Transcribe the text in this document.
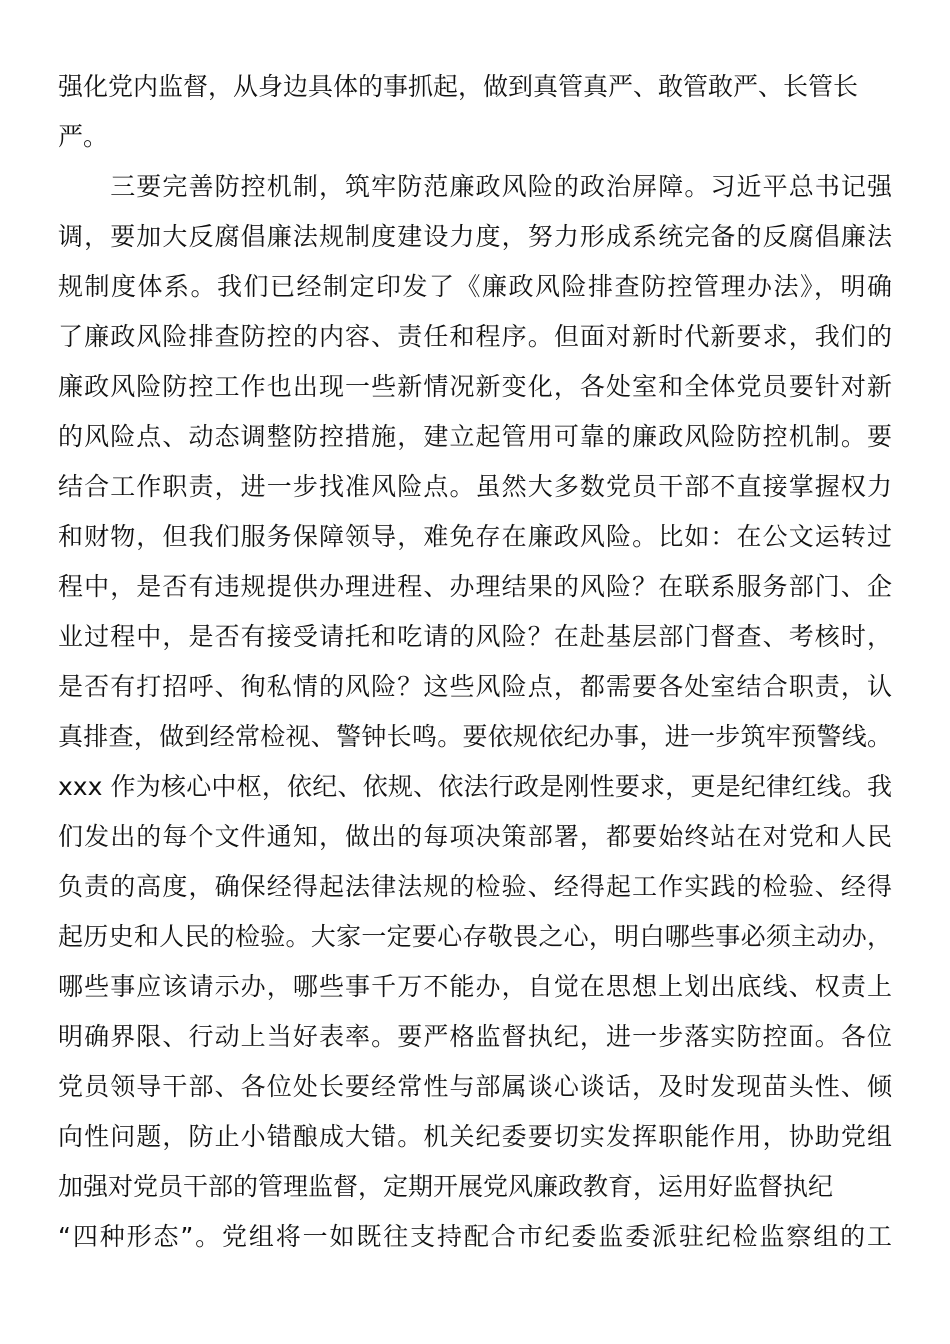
强化党内监督，从身边具体的事抓起，做到真管真严、敢管敢严、长管长
严。
　　三要完善防控机制，筑牢防范廉政风险的政治屏障。习近平总书记强
调，要加大反腐倡廉法规制度建设力度，努力形成系统完备的反腐倡廉法
规制度体系。我们已经制定印发了《廉政风险排查防控管理办法》，明确
了廉政风险排查防控的内容、责任和程序。但面对新时代新要求，我们的
廉政风险防控工作也出现一些新情况新变化，各处室和全体党员要针对新
的风险点、动态调整防控措施，建立起管用可靠的廉政风险防控机制。要
结合工作职责，进一步找准风险点。虽然大多数党员干部不直接掌握权力
和财物，但我们服务保障领导，难免存在廉政风险。比如：在公文运转过
程中，是否有违规提供办理进程、办理结果的风险？在联系服务部门、企
业过程中，是否有接受请托和吃请的风险？在赴基层部门督查、考核时，
是否有打招呼、徇私情的风险？这些风险点，都需要各处室结合职责，认
真排查，做到经常检视、警钟长鸣。要依规依纪办事，进一步筑牢预警线。
xxx 作为核心中枢，依纪、依规、依法行政是刚性要求，更是纪律红线。我
们发出的每个文件通知，做出的每项决策部署，都要始终站在对党和人民
负责的高度，确保经得起法律法规的检验、经得起工作实践的检验、经得
起历史和人民的检验。大家一定要心存敬畏之心，明白哪些事必须主动办，
哪些事应该请示办，哪些事千万不能办，自觉在思想上划出底线、权责上
明确界限、行动上当好表率。要严格监督执纪，进一步落实防控面。各位
党员领导干部、各位处长要经常性与部属谈心谈话，及时发现苗头性、倾
向性问题，防止小错酿成大错。机关纪委要切实发挥职能作用，协助党组
加强对党员干部的管理监督，定期开展党风廉政教育，运用好监督执纪
“四种形态”。党组将一如既往支持配合市纪委监委派驻纪检监察组的工
